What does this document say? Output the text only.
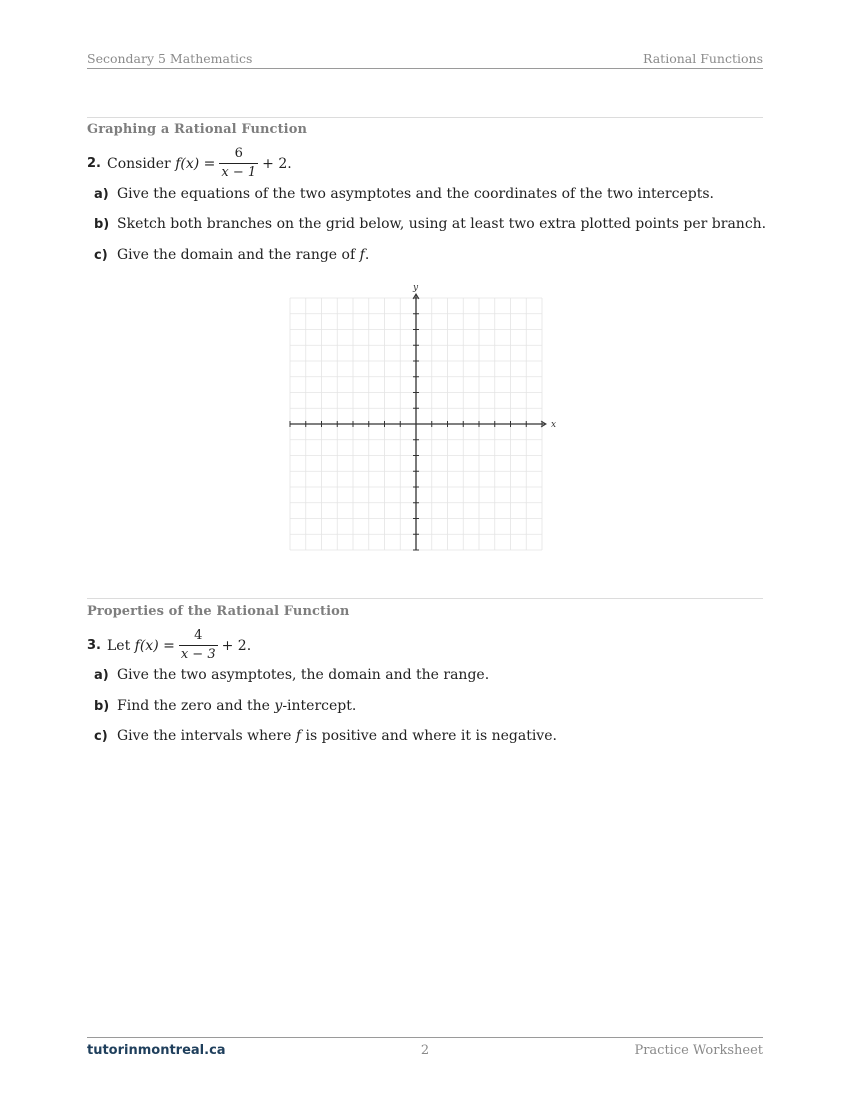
Secondary 5 Mathematics	Rational Functions
Graphing a Rational Function
2. Consider
$f(x) = \frac{6}{x - 1} + 2$.
a) Give the equations of the two asymptotes and the coordinates of the two intercepts.
b) Sketch both branches on the grid below, using at least two extra plotted points per branch.
c) Give the domain and the range of f.
x
y
Properties of the Rational Function
3. Let
$f(x) = \frac{4}{x - 3} + 2$.
a) Give the two asymptotes, the domain and the range.
b) Find the zero and the y-intercept.
c) Give the intervals where f is positive and where it is negative.
tutorinmontreal.ca	2	Practice Worksheet
